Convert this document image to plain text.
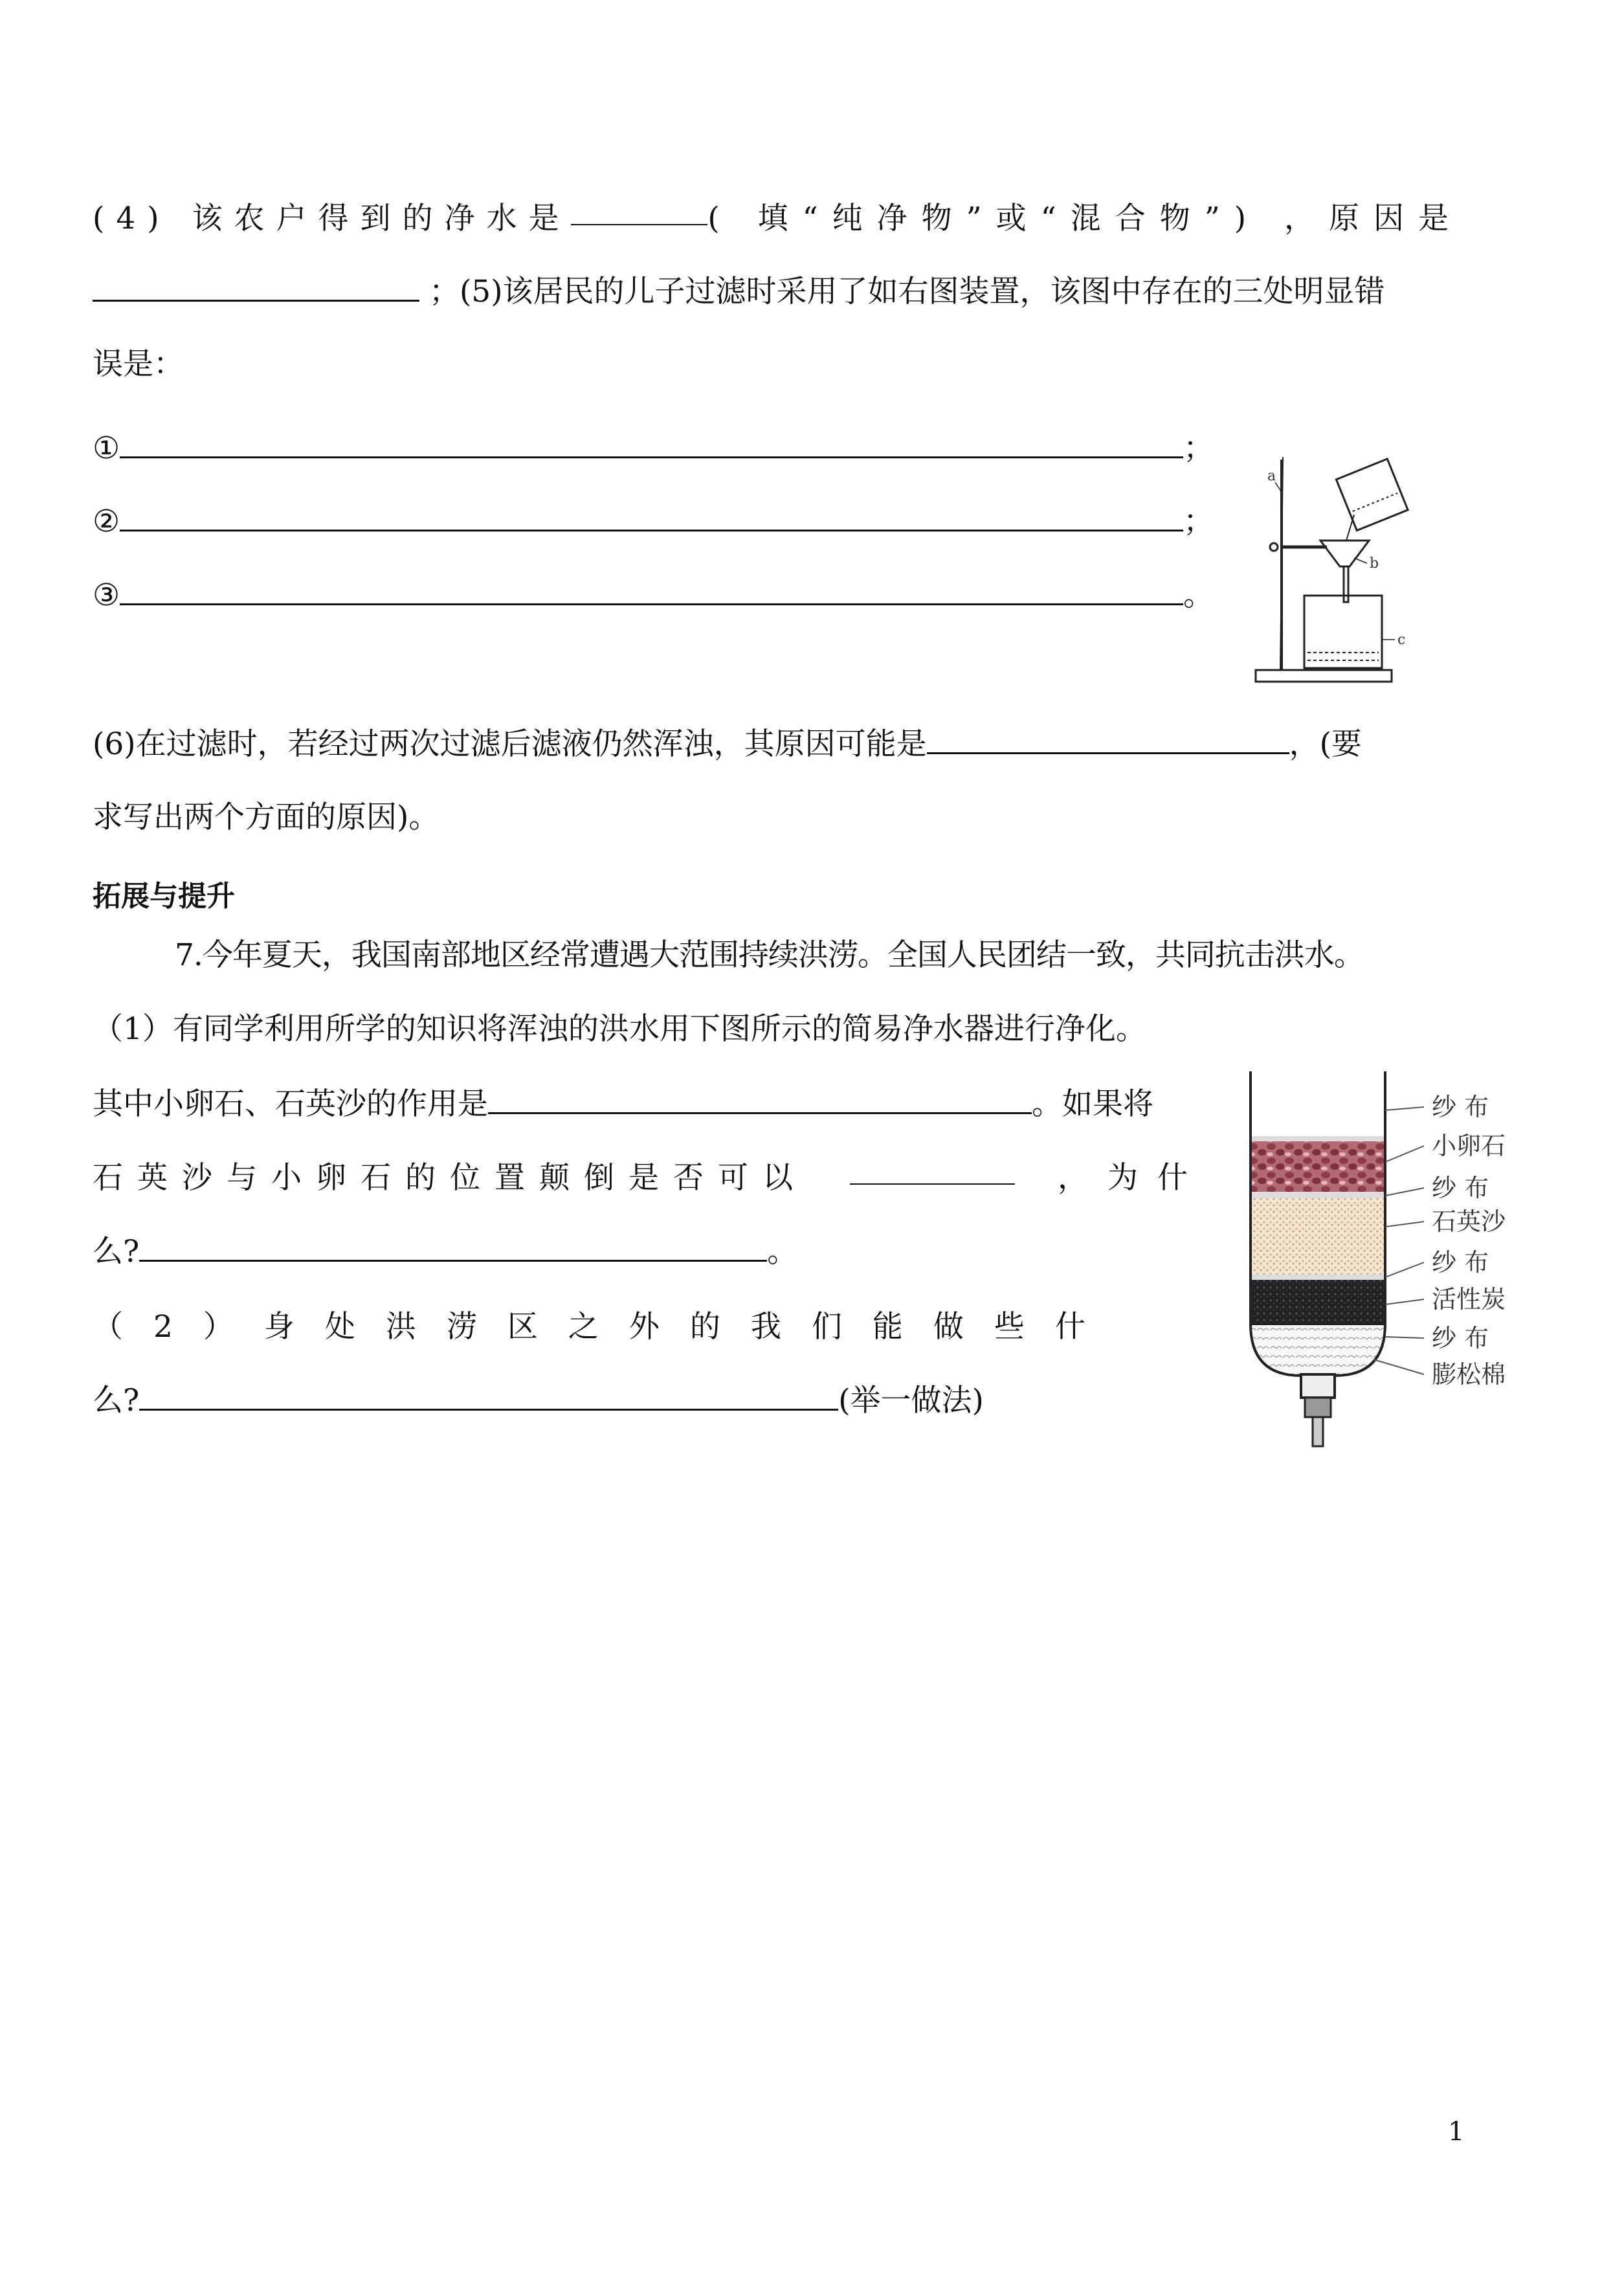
(4) 该农户得到的净水是	( 填“纯净物”或“混合物”) ，原因是
；(5)该居民的儿子过滤时采用了如右图装置，该图中存在的三处明显错
误是：
①	；
②	；
③	。
a
b
c
(6)在过滤时，若经过两次过滤后滤液仍然浑浊，其原因可能是	，(要
求写出两个方面的原因)。
拓展与提升
7.今年夏天，我国南部地区经常遭遇大范围持续洪涝。全国人民团结一致，共同抗击洪水。
（1）有同学利用所学的知识将浑浊的洪水用下图所示的简易净水器进行净化。
其中小卵石、石英沙的作用是	。如果将
石英沙与小卵石的位置颠倒是否可以	，为什
么?	。
（2）身处洪涝区之外的我们能做些什
么?	(举一做法)
纱 布
小卵石
纱 布
石英沙
纱 布
活性炭
纱 布
膨松棉
1
